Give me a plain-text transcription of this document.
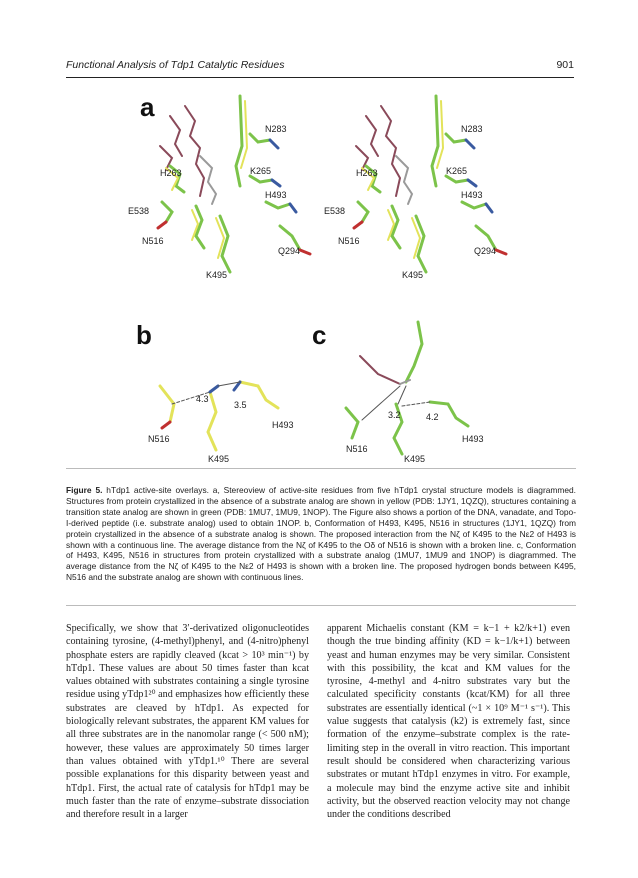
Functional Analysis of Tdp1 Catalytic Residues	901
a
b	c
N283
H263	K265
H493
E538
N516
Q294
K495
N283
H263	K265
H493
E538
N516
Q294
K495
4.3
3.5
H493
N516
K495
3.2	4.2
N516
H493
K495

Figure 5. hTdp1 active-site overlays. a, Stereoview of active-site residues from five hTdp1 crystal structure models is diagrammed. Structures from protein crystallized in the absence of a substrate analog are shown in yellow (PDB: 1JY1, 1QZQ), structures containing a transition state analog are shown in green (PDB: 1MU7, 1MU9, 1NOP). The Figure also shows a portion of the DNA, vanadate, and Topo-I-derived peptide (i.e. substrate analog) used to obtain 1NOP. b, Conformation of H493, K495, N516 in structures (1JY1, 1QZQ) from protein crystallized in the absence of a substrate analog is shown. The proposed interaction from the Nζ of K495 to the Nε2 of H493 is shown with a continuous line. The average distance from the Nζ of K495 to the Oδ of N516 is shown with a broken line. c, Conformation of H493, K495, N516 in structures from protein crystallized with a substrate analog (1MU7, 1MU9 and 1NOP) is diagrammed. The average distance from the Nζ of K495 to the Nε2 of H493 is shown with a broken line. The proposed hydrogen bonds between K495, N516 and the substrate analog are shown with continuous lines.

Specifically, we show that 3′-derivatized oligonucleotides containing tyrosine, (4-methyl)phenyl, and (4-nitro)phenyl phosphate esters are rapidly cleaved (kcat > 10³ min⁻¹) by hTdp1. These values are about 50 times faster than kcat values obtained with substrates containing a single tyrosine residue using yTdp1²⁰ and emphasizes how efficiently these substrates are cleaved by hTdp1. As expected for biologically relevant substrates, the apparent KM values for all three substrates are in the nanomolar range (< 500 nM); however, these values are approximately 50 times larger than values obtained with yTdp1.¹⁰ There are several possible explanations for this disparity between yeast and hTdp1. First, the actual rate of catalysis for hTdp1 may be much faster than the rate of enzyme–substrate dissociation and therefore result in a larger

apparent Michaelis constant (KM = k−1 + k2/k+1) even though the true binding affinity (KD = k−1/k+1) between yeast and human enzymes may be very similar. Consistent with this possibility, the kcat and KM values for the tyrosine, 4-methyl and 4-nitro substrates vary but the calculated specificity constants (kcat/KM) for all three substrates are essentially identical (~1 × 10⁹ M⁻¹ s⁻¹). This value suggests that catalysis (k2) is extremely fast, since formation of the enzyme–substrate complex is the rate-limiting step in the overall in vitro reaction. This important result should be considered when characterizing various substrates or mutant hTdp1 enzymes in vitro. For example, a molecule may bind the enzyme active site and inhibit activity, but the observed reaction velocity may not change under the conditions described
